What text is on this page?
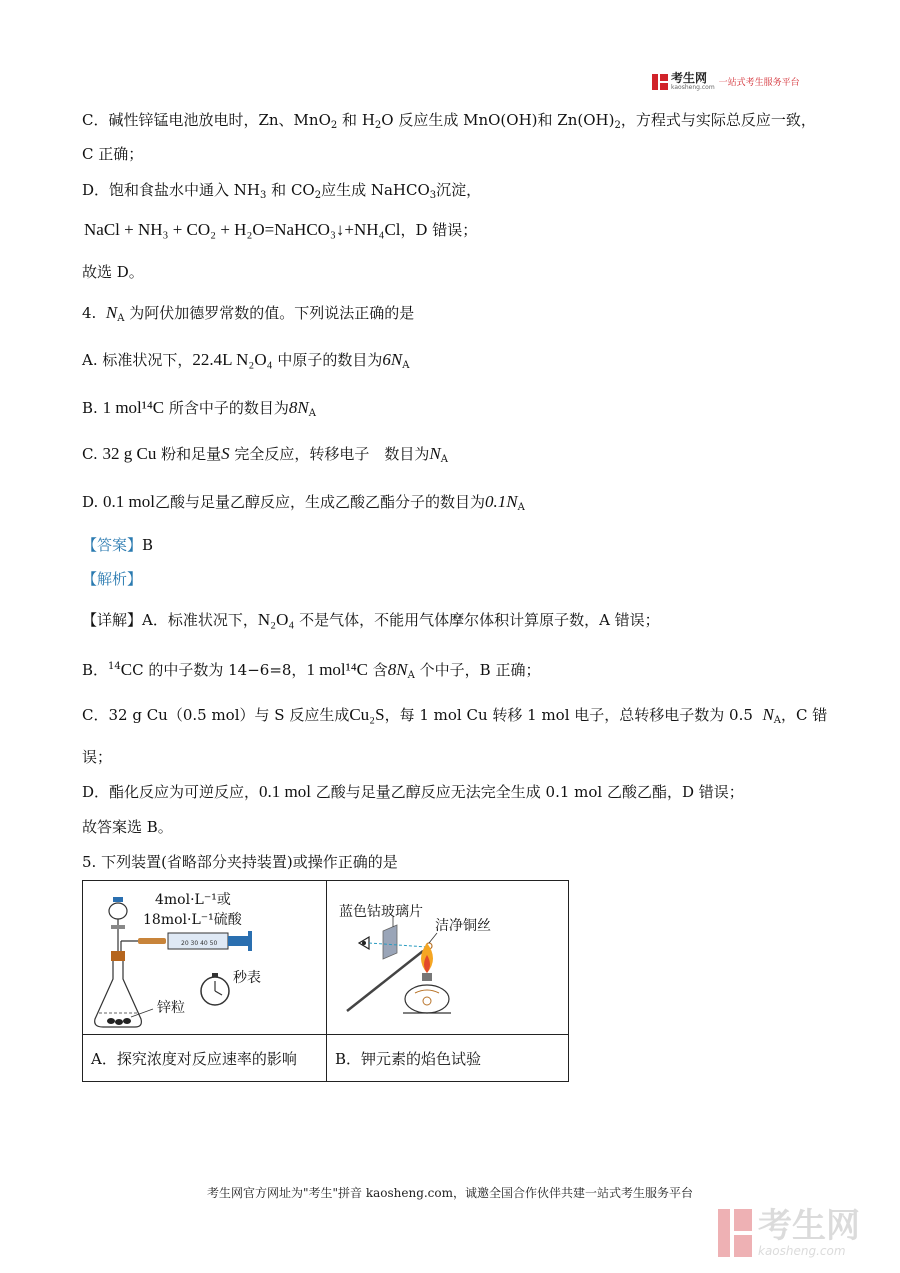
考生网
kaosheng.com 一站式考生服务平台
C．碱性锌锰电池放电时，Zn、MnO$_2$ 和 $H_2O$ 反应生成 MnO(OH)和 $Zn(OH)_2$，方程式与实际总反应一致，
C 正确；
D．饱和食盐水中通入 $NH_3$ 和 $CO_2$应生成 NaHCO$_3$沉淀，
NaCl + NH₃ + CO₂ + H₂O=NaHCO₃↓+NH₄Cl，D 错误；
故选 D。
4. $N_A$ 为阿伏加德罗常数的值。下列说法正确的是
A. 标准状况下，22.4L N₂O₄ 中原子的数目为$6N_A$
B. 1 mol¹⁴C 所含中子的数目为$8N_A$
C. 32 g Cu 粉和足量S 完全反应，转移电子　数目为$N_A$
D. 0.1 mol乙酸与足量乙醇反应，生成乙酸乙酯分子的数目为$0.1N_A$
【答案】B
【解析】
【详解】A．标准状况下，N₂O₄ 不是气体，不能用气体摩尔体积计算原子数，A 错误；
B．$^{14}$CC 的中子数为 14−6=8，1 mol¹⁴C 含$8N_A$ 个中子，B 正确；
C．32 g Cu（0.5 mol）与 S 反应生成Cu₂S，每 1 mol Cu 转移 1 mol 电子，总转移电子数为 0.5 $N_A$，C 错
误；
D．酯化反应为可逆反应，0.1 mol 乙酸与足量乙醇反应无法完全生成 0.1 mol 乙酸乙酯，D 错误；
故答案选 B。
5. 下列装置(省略部分夹持装置)或操作正确的是
20 30 40 50
4mol·L⁻¹或
18mol·L⁻¹硫酸
秒表
锌粒
蓝色钴玻璃片
洁净铜丝
A．探究浓度对反应速率的影响	B．钾元素的焰色试验
考生网官方网址为"考生"拼音 kaosheng.com，诚邀全国合作伙伴共建一站式考生服务平台
考生网
kaosheng.com
